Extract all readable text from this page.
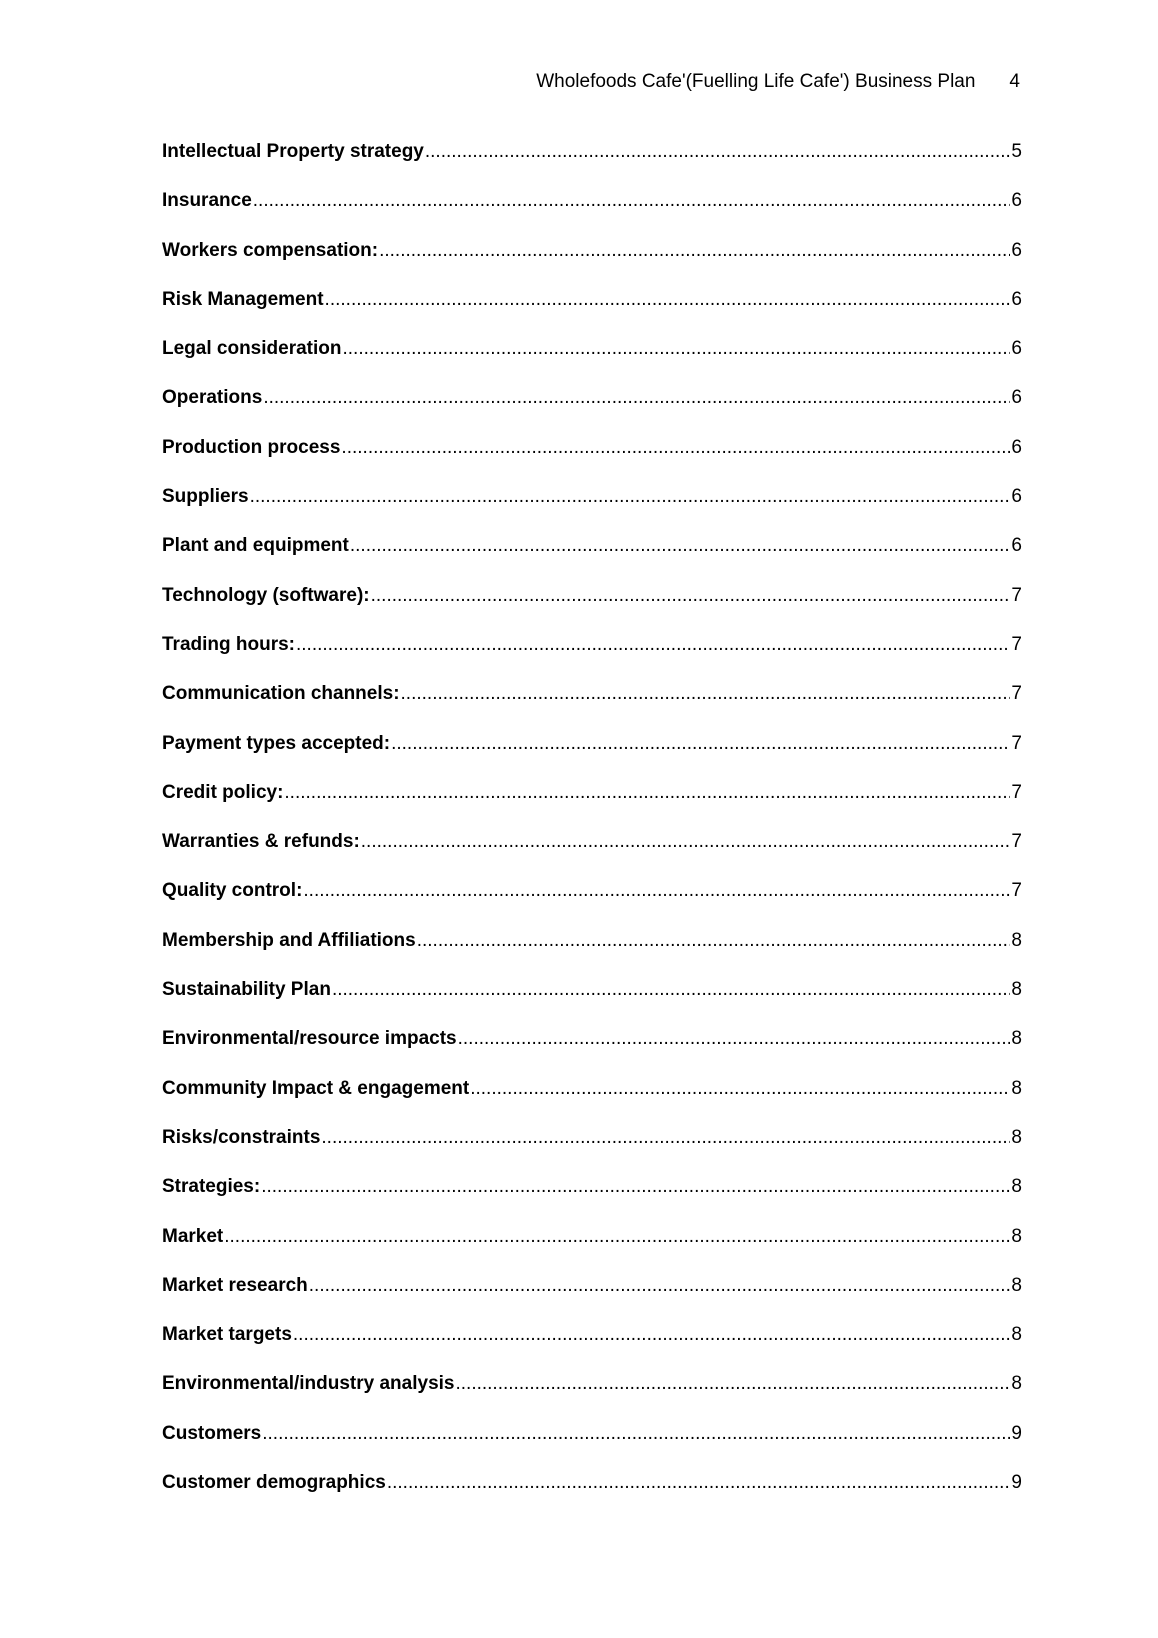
Wholefoods Cafe'(Fuelling Life Cafe') Business Plan 4
Intellectual Property strategy .....	5
Insurance .....	6
Workers compensation: .....	6
Risk Management .....	6
Legal consideration .....	6
Operations .....	6
Production process .....	6
Suppliers .....	6
Plant and equipment .....	6
Technology (software): .....	7
Trading hours: .....	7
Communication channels: .....	7
Payment types accepted: .....	7
Credit policy: .....	7
Warranties & refunds: .....	7
Quality control: .....	7
Membership and Affiliations .....	8
Sustainability Plan .....	8
Environmental/resource impacts .....	8
Community Impact & engagement .....	8
Risks/constraints .....	8
Strategies: .....	8
Market .....	8
Market research .....	8
Market targets .....	8
Environmental/industry analysis .....	8
Customers .....	9
Customer demographics .....	9
